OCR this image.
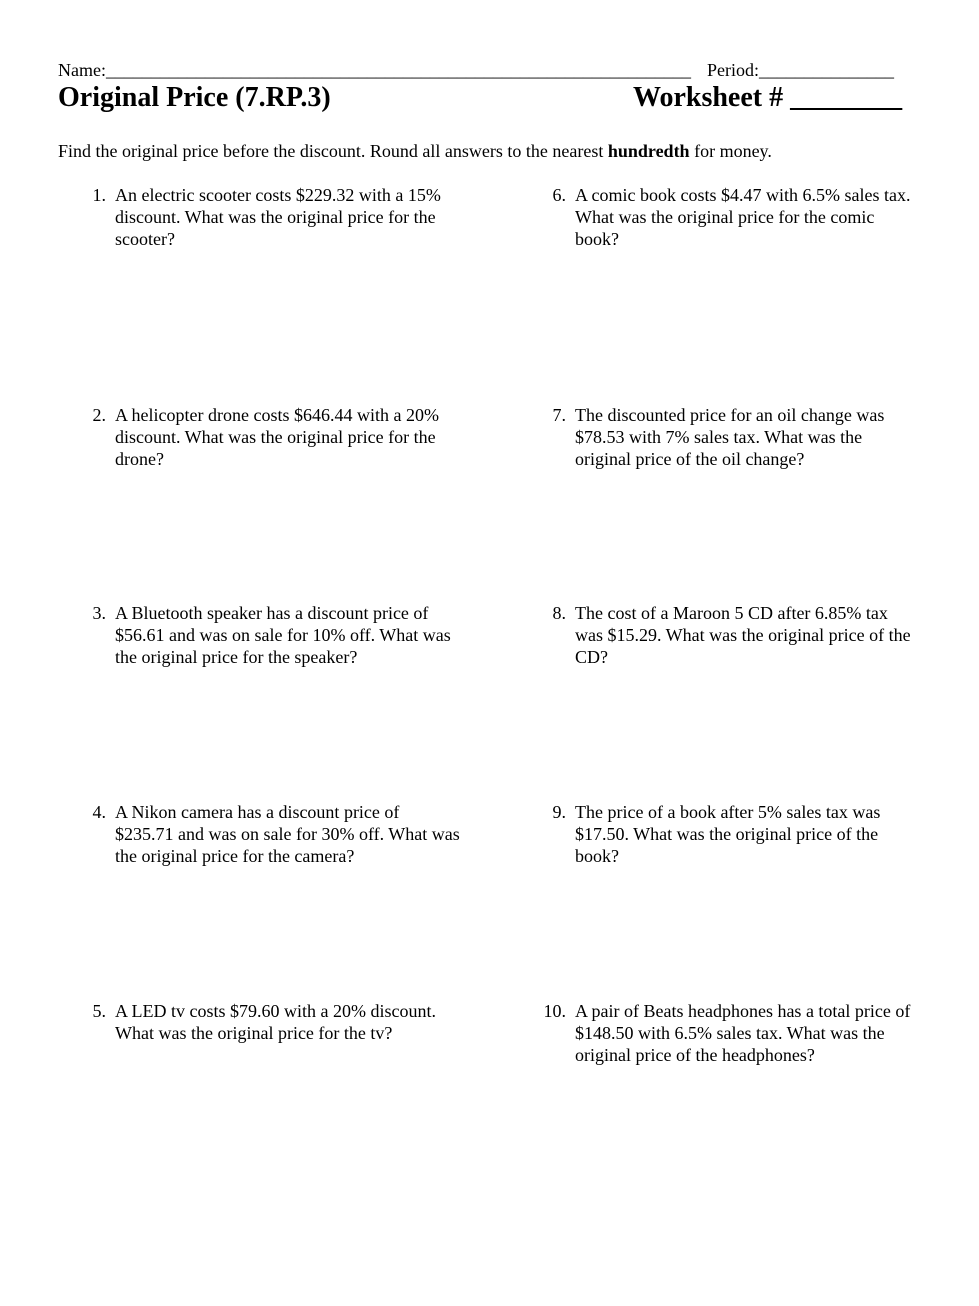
Name:_________________________________________________________________ Period:_______________
Original Price (7.RP.3)	Worksheet # ________
Find the original price before the discount. Round all answers to the nearest hundredth for money.
1. An electric scooter costs $229.32 with a 15% discount. What was the original price for the scooter?
2. A helicopter drone costs $646.44 with a 20% discount. What was the original price for the drone?
3. A Bluetooth speaker has a discount price of $56.61 and was on sale for 10% off. What was the original price for the speaker?
4. A Nikon camera has a discount price of $235.71 and was on sale for 30% off. What was the original price for the camera?
5. A LED tv costs $79.60 with a 20% discount. What was the original price for the tv?
6. A comic book costs $4.47 with 6.5% sales tax. What was the original price for the comic book?
7. The discounted price for an oil change was $78.53 with 7% sales tax. What was the original price of the oil change?
8. The cost of a Maroon 5 CD after 6.85% tax was $15.29. What was the original price of the CD?
9. The price of a book after 5% sales tax was $17.50. What was the original price of the book?
10. A pair of Beats headphones has a total price of $148.50 with 6.5% sales tax. What was the original price of the headphones?
